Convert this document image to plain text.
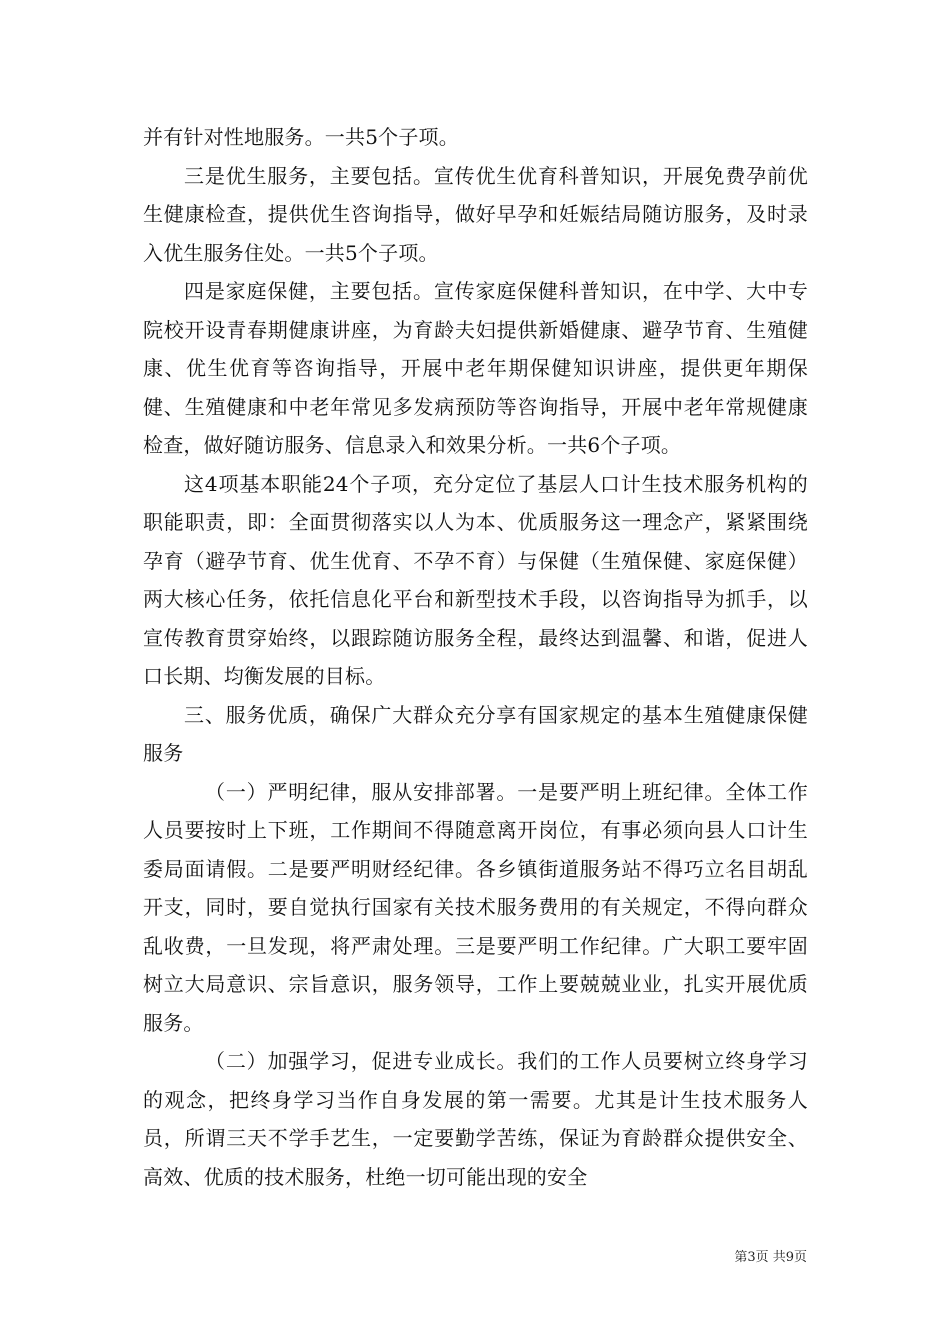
并有针对性地服务。一共5个子项。

三是优生服务，主要包括。宣传优生优育科普知识，开展免费孕前优生健康检查，提供优生咨询指导，做好早孕和妊娠结局随访服务，及时录入优生服务住处。一共5个子项。

四是家庭保健，主要包括。宣传家庭保健科普知识，在中学、大中专院校开设青春期健康讲座，为育龄夫妇提供新婚健康、避孕节育、生殖健康、优生优育等咨询指导，开展中老年期保健知识讲座，提供更年期保健、生殖健康和中老年常见多发病预防等咨询指导，开展中老年常规健康检查，做好随访服务、信息录入和效果分析。一共6个子项。

这4项基本职能24个子项，充分定位了基层人口计生技术服务机构的职能职责，即：全面贯彻落实以人为本、优质服务这一理念产，紧紧围绕孕育（避孕节育、优生优育、不孕不育）与保健（生殖保健、家庭保健）两大核心任务，依托信息化平台和新型技术手段，以咨询指导为抓手，以宣传教育贯穿始终，以跟踪随访服务全程，最终达到温馨、和谐，促进人口长期、均衡发展的目标。

三、服务优质，确保广大群众充分享有国家规定的基本生殖健康保健服务

（一）严明纪律，服从安排部署。一是要严明上班纪律。全体工作人员要按时上下班，工作期间不得随意离开岗位，有事必须向县人口计生委局面请假。二是要严明财经纪律。各乡镇街道服务站不得巧立名目胡乱开支，同时，要自觉执行国家有关技术服务费用的有关规定，不得向群众乱收费，一旦发现，将严肃处理。三是要严明工作纪律。广大职工要牢固树立大局意识、宗旨意识，服务领导，工作上要兢兢业业，扎实开展优质服务。

（二）加强学习，促进专业成长。我们的工作人员要树立终身学习的观念，把终身学习当作自身发展的第一需要。尤其是计生技术服务人员，所谓三天不学手艺生，一定要勤学苦练，保证为育龄群众提供安全、高效、优质的技术服务，杜绝一切可能出现的安全

第3页 共9页
